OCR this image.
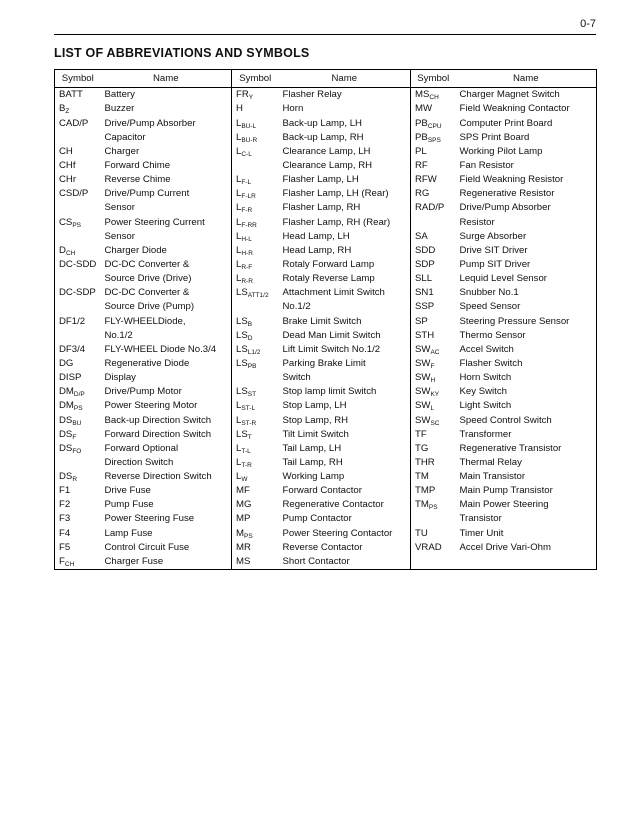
0-7
LIST OF ABBREVIATIONS AND SYMBOLS
Symbol	Name	Symbol	Name	Symbol	Name
BATT	Battery	$FR_Y$	Flasher Relay	$MS_{CH}$	Charger Magnet Switch
$B_Z$	Buzzer	H	Horn	MW	Field Weakning Contactor
CAD/P	Drive/Pump Absorber	$L_{BU-L}$	Back-up Lamp, LH	$PB_{CPU}$	Computer Print Board
	Capacitor	$L_{BU-R}$	Back-up Lamp, RH	$PB_{SPS}$	SPS Print Board
CH	Charger	$L_{C-L}$	Clearance Lamp, LH	PL	Working Pilot Lamp
CHf	Forward Chime		Clearance Lamp, RH	RF	Fan Resistor
CHr	Reverse Chime	$L_{F-L}$	Flasher Lamp, LH	RFW	Field Weakning Resistor
CSD/P	Drive/Pump Current	$L_{F-LR}$	Flasher Lamp, LH (Rear)	RG	Regenerative Resistor
	Sensor	$L_{F-R}$	Flasher Lamp, RH	RAD/P	Drive/Pump Absorber
$CS_{PS}$	Power Steering Current	$L_{F-RR}$	Flasher Lamp, RH (Rear)		Resistor
	Sensor	$L_{H-L}$	Head Lamp, LH	SA	Surge Absorber
$D_{CH}$	Charger Diode	$L_{H-R}$	Head Lamp, RH	SDD	Drive SIT Driver
DC-SDD	DC-DC Converter &	$L_{R-F}$	Rotaly Forward Lamp	SDP	Pump SIT Driver
	Source Drive (Drive)	$L_{R-R}$	Rotaly Reverse Lamp	SLL	Lequid Level Sensor
DC-SDP	DC-DC Converter &	$LS_{ATT1/2}$	Attachment Limit Switch	SN1	Snubber No.1
	Source Drive (Pump)		No.1/2	SSP	Speed Sensor
DF1/2	FLY-WHEELDiode,	$LS_B$	Brake Limit Switch	SP	Steering Pressure Sensor
	No.1/2	$LS_D$	Dead Man Limit Switch	STH	Thermo Sensor
DF3/4	FLY-WHEEL Diode No.3/4	$LS_{L1/2}$	Lift Limit Switch No.1/2	$SW_{AC}$	Accel Switch
DG	Regenerative Diode	$LS_{PB}$	Parking Brake Limit	$SW_F$	Flasher Switch
DISP	Display		Switch	$SW_H$	Horn Switch
$DM_{D/P}$	Drive/Pump Motor	$LS_{ST}$	Stop lamp limit Switch	$SW_{KY}$	Key Switch
$DM_{PS}$	Power Steering Motor	$L_{ST-L}$	Stop Lamp, LH	$SW_L$	Light Switch
$DS_{BU}$	Back-up Direction Switch	$L_{ST-R}$	Stop Lamp, RH	$SW_{SC}$	Speed Control Switch
$DS_F$	Forward Direction Switch	$LS_T$	Tilt Limit Switch	TF	Transformer
$DS_{FO}$	Forward Optional	$L_{T-L}$	Tail Lamp, LH	TG	Regenerative Transistor
	Direction Switch	$L_{T-R}$	Tail Lamp, RH	THR	Thermal Relay
$DS_R$	Reverse Direction Switch	$L_W$	Working Lamp	TM	Main Transistor
F1	Drive Fuse	MF	Forward Contactor	TMP	Main Pump Transistor
F2	Pump Fuse	MG	Regenerative Contactor	$TM_{PS}$	Main Power Steering
F3	Power Steering Fuse	MP	Pump Contactor		Transistor
F4	Lamp Fuse	$M_{PS}$	Power Steering Contactor	TU	Timer Unit
F5	Control Circuit Fuse	MR	Reverse Contactor	VRAD	Accel Drive Vari-Ohm
$F_{CH}$	Charger Fuse	MS	Short Contactor		
